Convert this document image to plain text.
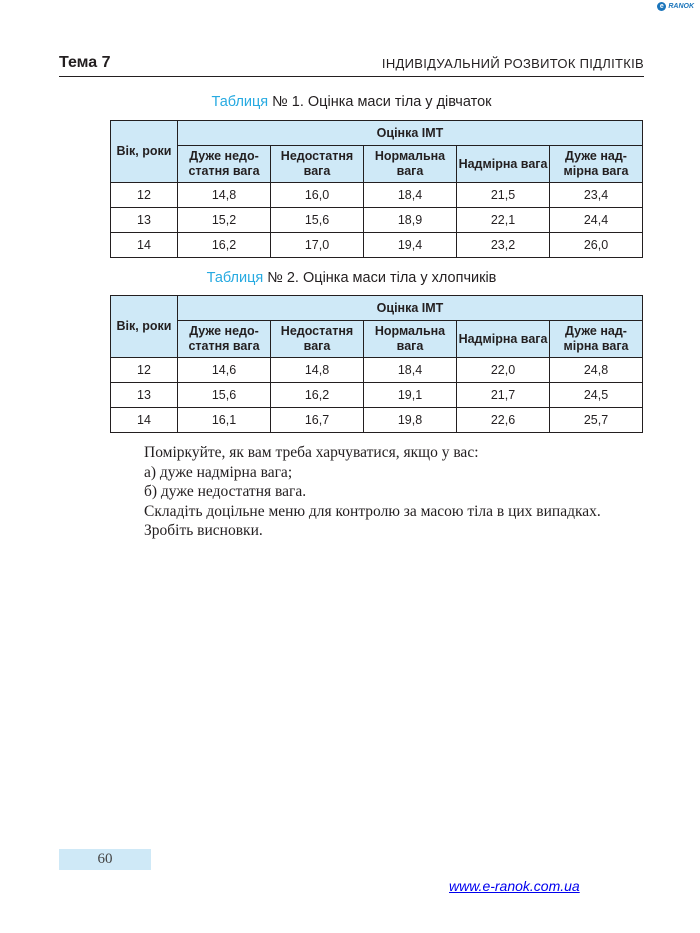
e RANOK
Тема 7	ІНДИВІДУАЛЬНИЙ РОЗВИТОК ПІДЛІТКІВ
Таблиця № 1. Оцінка маси тіла у дівчаток
Вік, роки	Оцінка ІМТ				
	Дуже недо-статня вага	Недостатня вага	Нормальна вага	Надмірна вага	Дуже над-мірна вага
12	14,8	16,0	18,4	21,5	23,4
13	15,2	15,6	18,9	22,1	24,4
14	16,2	17,0	19,4	23,2	26,0
Таблиця № 2. Оцінка маси тіла у хлопчиків
Вік, роки	Оцінка ІМТ				
	Дуже недо-статня вага	Недостатня вага	Нормальна вага	Надмірна вага	Дуже над-мірна вага
12	14,6	14,8	18,4	22,0	24,8
13	15,6	16,2	19,1	21,7	24,5
14	16,1	16,7	19,8	22,6	25,7

Поміркуйте, як вам треба харчуватися, якщо у вас:

а) дуже надмірна вага;

б) дуже недостатня вага.

Складіть доцільне меню для контролю за масою тіла в цих випадках.

Зробіть висновки.

60
www.e-ranok.com.ua
